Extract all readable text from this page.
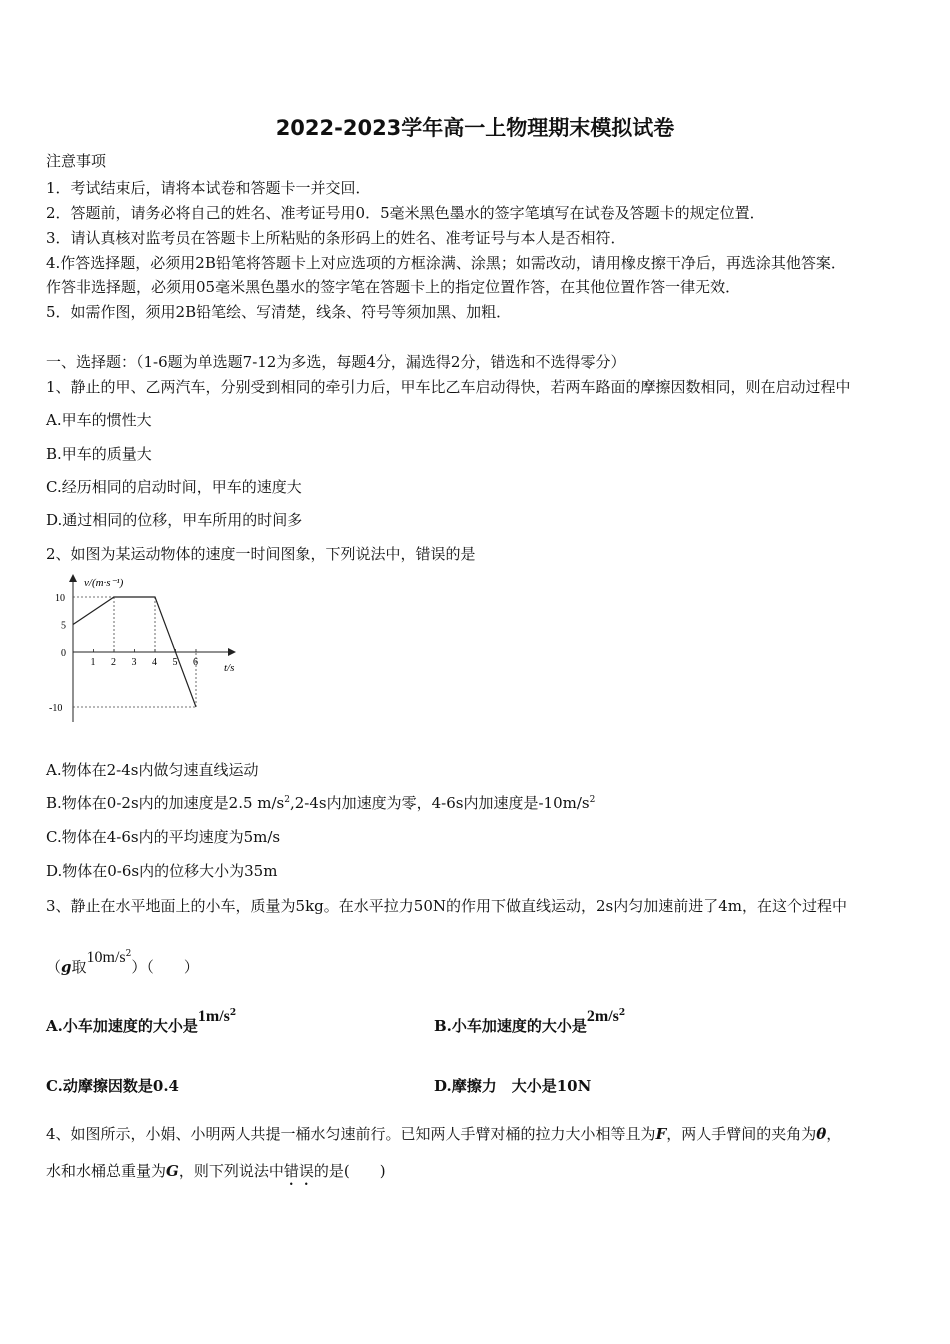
2022-2023学年高一上物理期末模拟试卷
注意事项
1．考试结束后，请将本试卷和答题卡一并交回．
2．答题前，请务必将自己的姓名、准考证号用0．5毫米黑色墨水的签字笔填写在试卷及答题卡的规定位置．
3．请认真核对监考员在答题卡上所粘贴的条形码上的姓名、准考证号与本人是否相符．
4.作答选择题，必须用2B铅笔将答题卡上对应选项的方框涂满、涂黑；如需改动，请用橡皮擦干净后，再选涂其他答案．
作答非选择题，必须用05毫米黑色墨水的签字笔在答题卡上的指定位置作答，在其他位置作答一律无效．
5．如需作图，须用2B铅笔绘、写清楚，线条、符号等须加黑、加粗．
一、选择题：（1-6题为单选题7-12为多选，每题4分，漏选得2分，错选和不选得零分）
1、静止的甲、乙两汽车，分别受到相同的牵引力后，甲车比乙车启动得快，若两车路面的摩擦因数相同，则在启动过程中
A.甲车的惯性大
B.甲车的质量大
C.经历相同的启动时间，甲车的速度大
D.通过相同的位移，甲车所用的时间多
2、如图为某运动物体的速度一时间图象，下列说法中，错误的是
1 2 3 4 5 6
10
5
0
-10
v/(m·s⁻¹)
t/s
A.物体在2-4s内做匀速直线运动
B.物体在0-2s内的加速度是2.5 $m/s^2,2-4s$内加速度为零，4-6s内加速度是$-10m/s^2$
C.物体在4-6s内的平均速度为5m/s
D.物体在0-6s内的位移大小为35m
3、静止在水平地面上的小车，质量为5kg。在水平拉力50N的作用下做直线运动，2s内匀加速前进了4m，在这个过程中
（g取$10m/s^2$）（　　）
A.小车加速度的大小是$1m/s^2$
B.小车加速度的大小是$2m/s^2$
C.动摩擦因数是0.4	D.摩擦力　大小是10N
4、如图所示，小娟、小明两人共提一桶水匀速前行。已知两人手臂对桶的拉力大小相等且为F，两人手臂间的夹角为θ，
水和水桶总重量为G，则下列说法中错误的是(　　)
